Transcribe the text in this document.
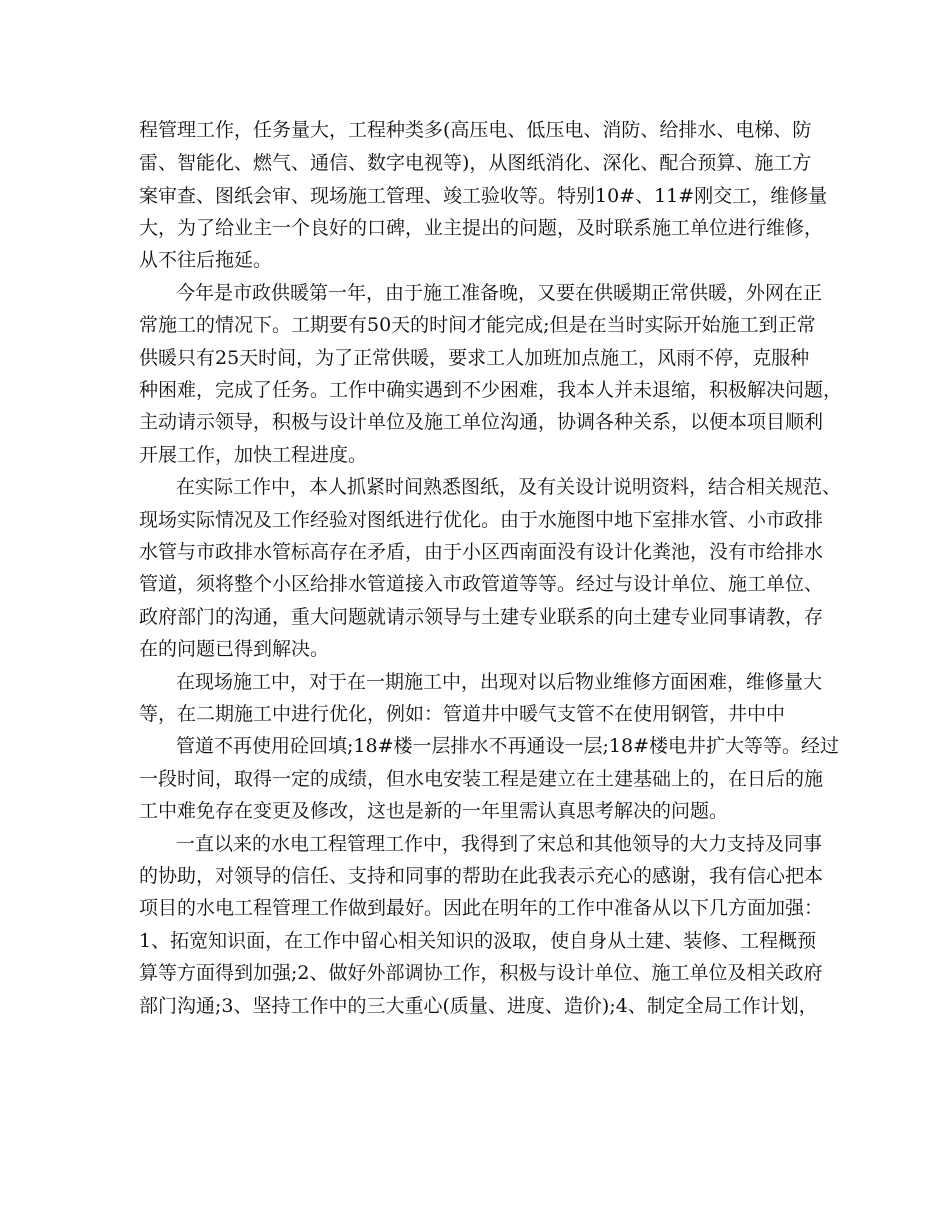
程管理工作，任务量大，工程种类多(高压电、低压电、消防、给排水、电梯、防
雷、智能化、燃气、通信、数字电视等)，从图纸消化、深化、配合预算、施工方
案审查、图纸会审、现场施工管理、竣工验收等。特别10#、11#刚交工，维修量
大，为了给业主一个良好的口碑，业主提出的问题，及时联系施工单位进行维修，
从不往后拖延。
今年是市政供暖第一年，由于施工准备晚，又要在供暖期正常供暖，外网在正
常施工的情况下。工期要有50天的时间才能完成;但是在当时实际开始施工到正常
供暖只有25天时间，为了正常供暖，要求工人加班加点施工，风雨不停，克服种
种困难，完成了任务。工作中确实遇到不少困难，我本人并未退缩，积极解决问题，
主动请示领导，积极与设计单位及施工单位沟通，协调各种关系，以便本项目顺利
开展工作，加快工程进度。
在实际工作中，本人抓紧时间熟悉图纸，及有关设计说明资料，结合相关规范、
现场实际情况及工作经验对图纸进行优化。由于水施图中地下室排水管、小市政排
水管与市政排水管标高存在矛盾，由于小区西南面没有设计化粪池，没有市给排水
管道，须将整个小区给排水管道接入市政管道等等。经过与设计单位、施工单位、
政府部门的沟通，重大问题就请示领导与土建专业联系的向土建专业同事请教，存
在的问题已得到解决。
在现场施工中，对于在一期施工中，出现对以后物业维修方面困难，维修量大
等，在二期施工中进行优化，例如：管道井中暖气支管不在使用钢管，井中中
管道不再使用砼回填;18#楼一层排水不再通设一层;18#楼电井扩大等等。经过
一段时间，取得一定的成绩，但水电安装工程是建立在土建基础上的，在日后的施
工中难免存在变更及修改，这也是新的一年里需认真思考解决的问题。
一直以来的水电工程管理工作中，我得到了宋总和其他领导的大力支持及同事
的协助，对领导的信任、支持和同事的帮助在此我表示充心的感谢，我有信心把本
项目的水电工程管理工作做到最好。因此在明年的工作中准备从以下几方面加强：
1、拓宽知识面，在工作中留心相关知识的汲取，使自身从土建、装修、工程概预
算等方面得到加强;2、做好外部调协工作，积极与设计单位、施工单位及相关政府
部门沟通;3、坚持工作中的三大重心(质量、进度、造价);4、制定全局工作计划，
